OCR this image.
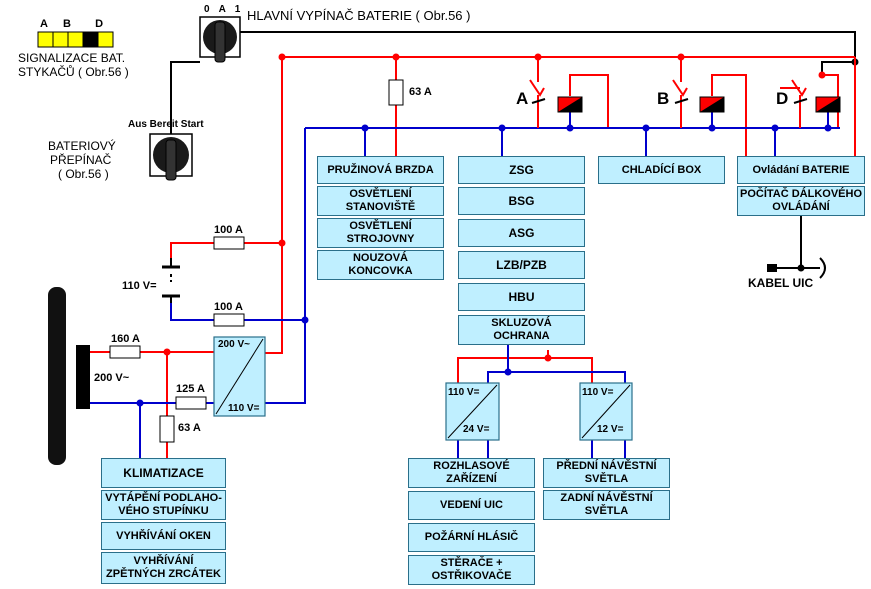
0A1
HLAVNÍ VYPÍNAČ BATERIE ( Obr.56 )
A B D
SIGNALIZACE BAT.
STYKAČŮ ( Obr.56 )
Aus Bereit Start
BATERIOVÝ
PŘEPÍNAČ
( Obr.56 )
A	B	D
63 A
100 A
100 A
160 A
125 A
63 A
110 V=
200 V~
200 V~
110 V=
110 V=
24 V=
110 V=
12 V=
PRUŽINOVÁ BRZDA
OSVĚTLENÍ
STANOVIŠTĚ
OSVĚTLENÍ
STROJOVNY
NOUZOVÁ
KONCOVKA
ZSG
BSG
ASG
LZB/PZB
HBU
SKLUZOVÁ
OCHRANA
CHLADÍCÍ BOX	Ovládání BATERIE
POČÍTAČ DÁLKOVÉHO
OVLÁDÁNÍ
KABEL UIC
KLIMATIZACE
VYTÁPĚNÍ PODLAHO-
VÉHO STUPÍNKU
VYHŘÍVÁNÍ OKEN
VYHŘÍVÁNÍ
ZPĚTNÝCH ZRCÁTEK
ROZHLASOVÉ
ZAŘÍZENÍ
VEDENÍ UIC
POŽÁRNÍ HLÁSIČ
STĚRAČE +
OSTŘIKOVAČE
PŘEDNÍ NÁVĚSTNÍ
SVĚTLA
ZADNÍ NÁVĚSTNÍ
SVĚTLA
